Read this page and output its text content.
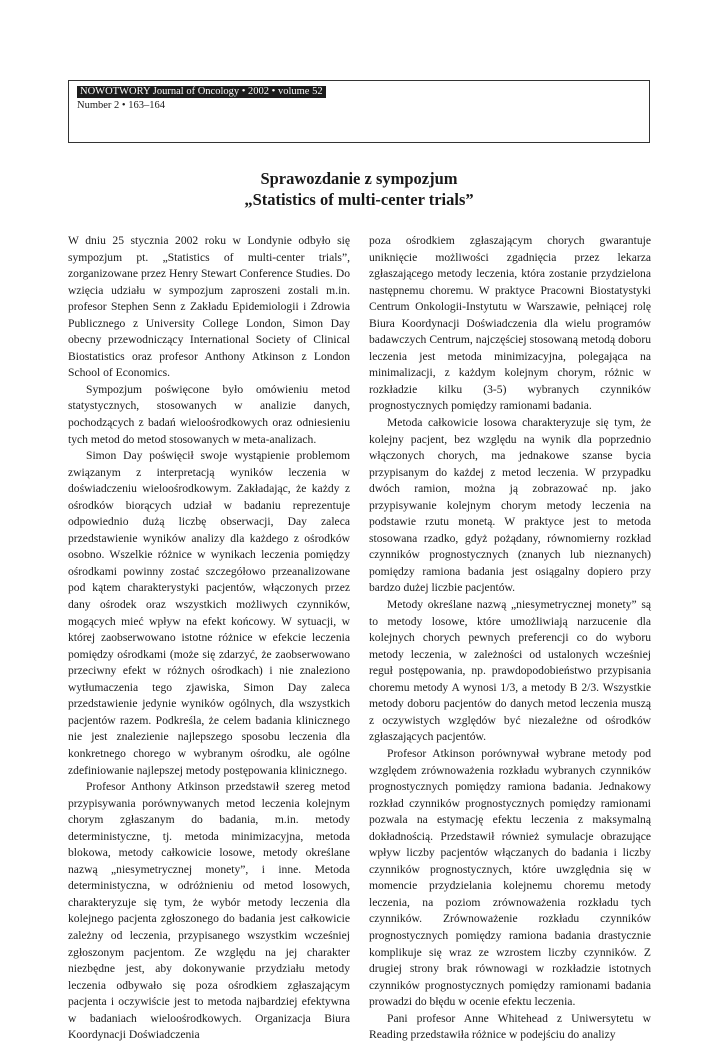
NOWOTWORY Journal of Oncology • 2002 • volume 52
Number 2 • 163–164
Sprawozdanie z sympozjum
„Statistics of multi-center trials”

W dniu 25 stycznia 2002 roku w Londynie odbyło się sympozjum pt. „Statistics of multi-center trials”, zorganizowane przez Henry Stewart Conference Studies. Do wzięcia udziału w sympozjum zaproszeni zostali m.in. profesor Stephen Senn z Zakładu Epidemiologii i Zdrowia Publicznego z University College London, Simon Day obecny przewodniczący International Society of Clinical Biostatistics oraz profesor Anthony Atkinson z London School of Economics.

Sympozjum poświęcone było omówieniu metod statystycznych, stosowanych w analizie danych, pochodzących z badań wieloośrodkowych oraz odniesieniu tych metod do metod stosowanych w meta-analizach.

Simon Day poświęcił swoje wystąpienie problemom związanym z interpretacją wyników leczenia w doświadczeniu wieloośrodkowym. Zakładając, że każdy z ośrodków biorących udział w badaniu reprezentuje odpowiednio dużą liczbę obserwacji, Day zaleca przedstawienie wyników analizy dla każdego z ośrodków osobno. Wszelkie różnice w wynikach leczenia pomiędzy ośrodkami powinny zostać szczegółowo przeanalizowane pod kątem charakterystyki pacjentów, włączonych przez dany ośrodek oraz wszystkich możliwych czynników, mogących mieć wpływ na efekt końcowy. W sytuacji, w której zaobserwowano istotne różnice w efekcie leczenia pomiędzy ośrodkami (może się zdarzyć, że zaobserwowano przeciwny efekt w różnych ośrodkach) i nie znaleziono wytłumaczenia tego zjawiska, Simon Day zaleca przedstawienie jedynie wyników ogólnych, dla wszystkich pacjentów razem. Podkreśla, że celem badania klinicznego nie jest znalezienie najlepszego sposobu leczenia dla konkretnego chorego w wybranym ośrodku, ale ogólne zdefiniowanie najlepszej metody postępowania klinicznego.

Profesor Anthony Atkinson przedstawił szereg metod przypisywania porównywanych metod leczenia kolejnym chorym zgłaszanym do badania, m.in. metody deterministyczne, tj. metoda minimizacyjna, metoda blokowa, metody całkowicie losowe, metody określane nazwą „niesymetrycznej monety”, i inne. Metoda deterministyczna, w odróżnieniu od metod losowych, charakteryzuje się tym, że wybór metody leczenia dla kolejnego pacjenta zgłoszonego do badania jest całkowicie zależny od leczenia, przypisanego wszystkim wcześniej zgłoszonym pacjentom. Ze względu na jej charakter niezbędne jest, aby dokonywanie przydziału metody leczenia odbywało się poza ośrodkiem zgłaszającym pacjenta i oczywiście jest to metoda najbardziej efektywna w badaniach wieloośrodkowych. Organizacja Biura Koordynacji Doświadczenia

poza ośrodkiem zgłaszającym chorych gwarantuje uniknięcie możliwości zgadnięcia przez lekarza zgłaszającego metody leczenia, która zostanie przydzielona następnemu choremu. W praktyce Pracowni Biostatystyki Centrum Onkologii-Instytutu w Warszawie, pełniącej rolę Biura Koordynacji Doświadczenia dla wielu programów badawczych Centrum, najczęściej stosowaną metodą doboru leczenia jest metoda minimizacyjna, polegająca na minimalizacji, z każdym kolejnym chorym, różnic w rozkładzie kilku (3-5) wybranych czynników prognostycznych pomiędzy ramionami badania.

Metoda całkowicie losowa charakteryzuje się tym, że kolejny pacjent, bez względu na wynik dla poprzednio włączonych chorych, ma jednakowe szanse bycia przypisanym do każdej z metod leczenia. W przypadku dwóch ramion, można ją zobrazować np. jako przypisywanie kolejnym chorym metody leczenia na podstawie rzutu monetą. W praktyce jest to metoda stosowana rzadko, gdyż pożądany, równomierny rozkład czynników prognostycznych (znanych lub nieznanych) pomiędzy ramiona badania jest osiągalny dopiero przy bardzo dużej liczbie pacjentów.

Metody określane nazwą „niesymetrycznej monety” są to metody losowe, które umożliwiają narzucenie dla kolejnych chorych pewnych preferencji co do wyboru metody leczenia, w zależności od ustalonych wcześniej reguł postępowania, np. prawdopodobieństwo przypisania choremu metody A wynosi 1/3, a metody B 2/3. Wszystkie metody doboru pacjentów do danych metod leczenia muszą z oczywistych względów być niezależne od ośrodków zgłaszających pacjentów.

Profesor Atkinson porównywał wybrane metody pod względem zrównoważenia rozkładu wybranych czynników prognostycznych pomiędzy ramiona badania. Jednakowy rozkład czynników prognostycznych pomiędzy ramionami pozwala na estymację efektu leczenia z maksymalną dokładnością. Przedstawił również symulacje obrazujące wpływ liczby pacjentów włączanych do badania i liczby czynników prognostycznych, które uwzględnia się w momencie przydzielania kolejnemu choremu metody leczenia, na poziom zrównoważenia rozkładu tych czynników. Zrównoważenie rozkładu czynników prognostycznych pomiędzy ramiona badania drastycznie komplikuje się wraz ze wzrostem liczby czynników. Z drugiej strony brak równowagi w rozkładzie istotnych czynników prognostycznych pomiędzy ramionami badania prowadzi do błędu w ocenie efektu leczenia.

Pani profesor Anne Whitehead z Uniwersytetu w Reading przedstawiła różnice w podejściu do analizy
